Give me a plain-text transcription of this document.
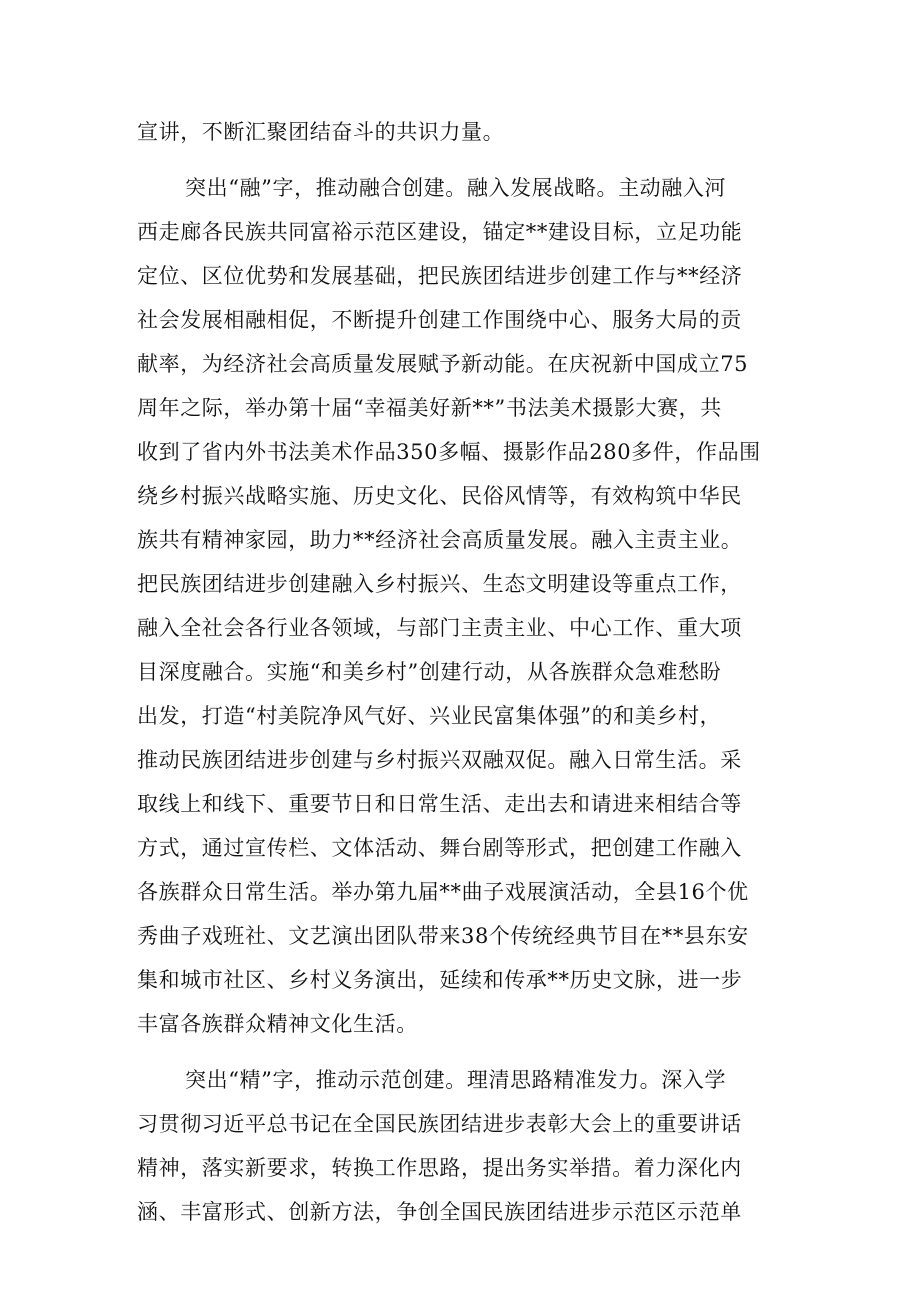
宣讲，不断汇聚团结奋斗的共识力量。
突出“融”字，推动融合创建。融入发展战略。主动融入河
西走廊各民族共同富裕示范区建设，锚定**建设目标，立足功能
定位、区位优势和发展基础，把民族团结进步创建工作与**经济
社会发展相融相促，不断提升创建工作围绕中心、服务大局的贡
献率，为经济社会高质量发展赋予新动能。在庆祝新中国成立75
周年之际，举办第十届“幸福美好新**”书法美术摄影大赛，共
收到了省内外书法美术作品350多幅、摄影作品280多件，作品围
绕乡村振兴战略实施、历史文化、民俗风情等，有效构筑中华民
族共有精神家园，助力**经济社会高质量发展。融入主责主业。
把民族团结进步创建融入乡村振兴、生态文明建设等重点工作，
融入全社会各行业各领域，与部门主责主业、中心工作、重大项
目深度融合。实施“和美乡村”创建行动，从各族群众急难愁盼
出发，打造“村美院净风气好、兴业民富集体强”的和美乡村，
推动民族团结进步创建与乡村振兴双融双促。融入日常生活。采
取线上和线下、重要节日和日常生活、走出去和请进来相结合等
方式，通过宣传栏、文体活动、舞台剧等形式，把创建工作融入
各族群众日常生活。举办第九届**曲子戏展演活动，全县16个优
秀曲子戏班社、文艺演出团队带来38个传统经典节目在**县东安
集和城市社区、乡村义务演出，延续和传承**历史文脉，进一步
丰富各族群众精神文化生活。
突出“精”字，推动示范创建。理清思路精准发力。深入学
习贯彻习近平总书记在全国民族团结进步表彰大会上的重要讲话
精神，落实新要求，转换工作思路，提出务实举措。着力深化内
涵、丰富形式、创新方法，争创全国民族团结进步示范区示范单
